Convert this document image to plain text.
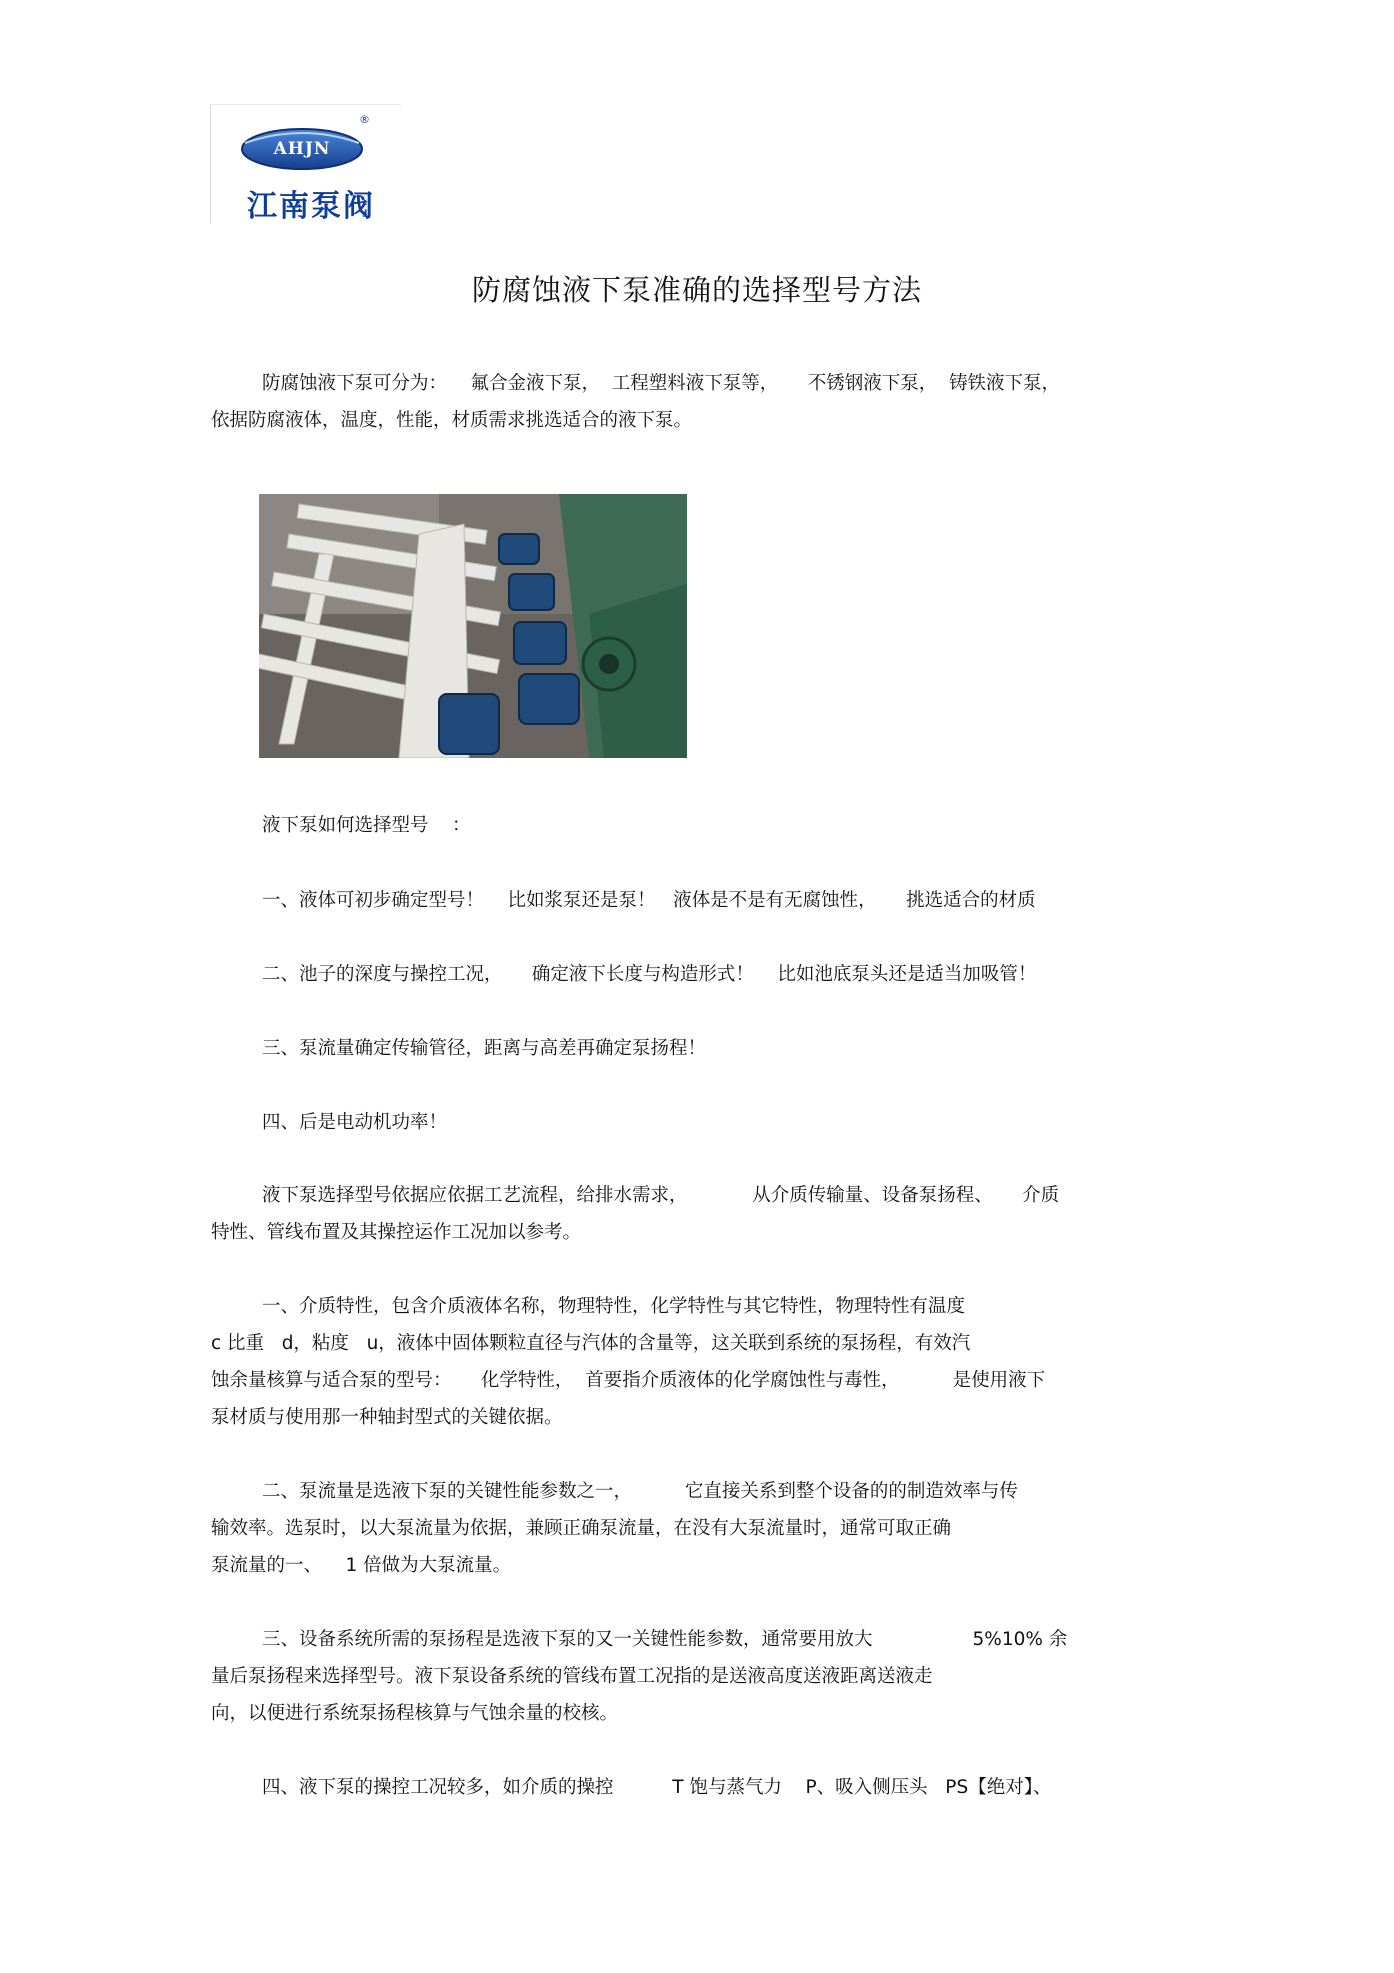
AHJN
®
江南泵阀
防腐蚀液下泵准确的选择型号方法
防腐蚀液下泵可分为：    氟合金液下泵，  工程塑料液下泵等，     不锈钢液下泵，  铸铁液下泵，
依据防腐液体，温度，性能，材质需求挑选适合的液下泵。
液下泵如何选择型号    ：
一、液体可初步确定型号！    比如浆泵还是泵！   液体是不是有无腐蚀性，     挑选适合的材质
二、池子的深度与操控工况，     确定液下长度与构造形式！    比如池底泵头还是适当加吸管！
三、泵流量确定传输管径，距离与高差再确定泵扬程！
四、后是电动机功率！
液下泵选择型号依据应依据工艺流程，给排水需求，           从介质传输量、设备泵扬程、     介质
特性、管线布置及其操控运作工况加以参考。
一、介质特性，包含介质液体名称，物理特性，化学特性与其它特性，物理特性有温度
c 比重   d，粘度   u，液体中固体颗粒直径与汽体的含量等，这关联到系统的泵扬程，有效汽
蚀余量核算与适合泵的型号：     化学特性，  首要指介质液体的化学腐蚀性与毒性，         是使用液下
泵材质与使用那一种轴封型式的关键依据。
二、泵流量是选液下泵的关键性能参数之一，         它直接关系到整个设备的的制造效率与传
输效率。选泵时，以大泵流量为依据，兼顾正确泵流量，在没有大泵流量时，通常可取正确
泵流量的一、    1 倍做为大泵流量。
三、设备系统所需的泵扬程是选液下泵的又一关键性能参数，通常要用放大                 5%10% 余
量后泵扬程来选择型号。液下泵设备系统的管线布置工况指的是送液高度送液距离送液走
向，以便进行系统泵扬程核算与气蚀余量的校核。
四、液下泵的操控工况较多，如介质的操控          T 饱与蒸气力    P、吸入侧压头   PS【绝对】、
